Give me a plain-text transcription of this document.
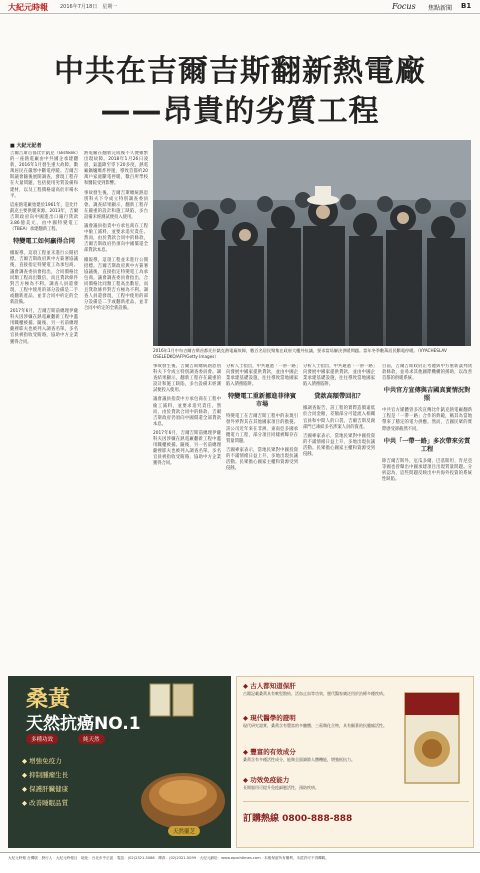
大紀元時報 2016年7月18日　星期一	Focus 焦點新聞 B1
中共在吉爾吉斯翻新熱電廠
——昂貴的劣質工程
■ 大紀元記者

吉爾吉斯首都比什凱克（Bishkek）的一座熱電廠由中共國企承建翻新，2016年1月發生重大故障，數萬居民在嚴寒中斷電停暖。吉爾吉斯議會隨後展開調查，發現工程存在大量問題，包括使用劣質設備和建材，以及工程價格遠高於市場水平。

這座熱電廠始建於1961年，是比什凱克主要供暖來源。2013年，吉爾吉斯政府向中國進出口銀行貸款3.86億美元，由中國特變電工（TBEA）承建翻新工程。

特變電工如何贏得合同

據報導，這項工程並未進行公開招標。吉爾吉斯政府與中方簽署協議後，直接指定特變電工為承包商。議會調查委員會指出，合同價格比同類工程高出數倍，而且貸款條件對吉方極為不利。調查人員還發現，工程中使用的部分設備是二手或翻新產品，並非合同中約定的全新設備。

2017年6月，吉爾吉斯前總理伊薩科夫因涉嫌在熱電廠翻新工程中濫用職權被捕。隨後，另一名前總理薩裡耶夫也被列入調查名單。多名官員被指收受賄賂，協助中方企業獲得合同。

熱電廠在翻新完成後不久便頻繁出現故障。2018年1月26日凌晨，氣溫降至零下20多度，熱電廠鍋爐爆炸停運，導致首都約20萬戶家庭斷電停暖，數百所學校和醫院受到影響。

事故發生後，吉爾吉斯總統熱恩別科夫下令成立特別調查委員會。調查結果顯示，翻新工程存在嚴重的設計和施工缺陷，多台設備未經測試便投入使用。

議會議員指責中方承包商在工程中偷工減料，並要求追究責任。然而，由於貸款合同中的條款，吉爾吉斯政府仍須向中國償還全部貸款本息。

據報導，這項工程並未進行公開招標。吉爾吉斯政府與中方簽署協議後，直接指定特變電工為承包商。議會調查委員會指出，合同價格比同類工程高出數倍，而且貸款條件對吉方極為不利。調查人員還發現，工程中使用的部分設備是二手或翻新產品，並非合同中約定的全新設備。

2016年1月中旬吉爾吉斯首都比什凱克熱電廠故障，數百名居民聚集在政府大樓外抗議，要求當局解決供暖問題。當年冬季數萬居民斷電停暖。（VYACHESLAV OSELEDKO/AFP/Getty Images）

事故發生後，吉爾吉斯總統熱恩別科夫下令成立特別調查委員會。調查結果顯示，翻新工程存在嚴重的設計和施工缺陷，多台設備未經測試便投入使用。

議會議員指責中方承包商在工程中偷工減料，並要求追究責任。然而，由於貸款合同中的條款，吉爾吉斯政府仍須向中國償還全部貸款本息。

2017年6月，吉爾吉斯前總理伊薩科夫因涉嫌在熱電廠翻新工程中濫用職權被捕。隨後，另一名前總理薩裡耶夫也被列入調查名單。多名官員被指收受賄賂，協助中方企業獲得合同。

分析人士指出，中共通過「一帶一路」向發展中國家提供貸款，並由中國企業承建基礎設施，往往導致當地國家陷入債務陷阱。

特變電工重新挪進菲律賓市場

特變電工在吉爾吉斯工程中的表現引發外界對其在其他國家項目的擔憂。該公司近年來在非洲、東南亞多國承攬電力工程，部分項目同樣被曝存在質量問題。

吉國專家表示，當地民眾對中國投資的不滿情緒日益上升，多地出現抗議活動。民眾擔心國家主權和資源受到侵蝕。

分析人士指出，中共通過「一帶一路」向發展中國家提供貸款，並由中國企業承建基礎設施，往往導致當地國家陷入債務陷阱。

貸款高額帶回扣？

據調查報告，該工程的實際造價遠低於合同金額，差額部分可能流入相關官員和中間人的口袋。吉爾吉斯反腐部門已凍結多名涉案人員的資產。

吉國專家表示，當地民眾對中國投資的不滿情緒日益上升，多地出現抗議活動。民眾擔心國家主權和資源受到侵蝕。

目前，吉爾吉斯政府正考慮與中方重新談判貸款條款，並尋求其他國際機構的援助，以改善首都的供暖系統。

中共官方宣傳與吉國真實情況對照

中共官方媒體曾多次宣傳比什凱克熱電廠翻新工程是「一帶一路」合作的典範，稱其為當地帶來了穩定的電力供應。然而，吉國民眾的實際感受卻截然不同。

中共「一帶一路」多次帶來劣質工程

除吉爾吉斯外，厄瓜多爾、巴基斯坦、肯尼亞等國也曾曝出中國承建項目出現質量問題。分析認為，這些問題反映出中共海外投資的系統性缺陷。

桑黃
天然抗癌NO.1
多種功效	純天然
◆ 增強免疫力
◆ 抑制腫瘤生長
◆ 保護肝臟健康
◆ 改善睡眠品質
天然靈芝
◆ 古人都知道保肝
古籍記載桑黃具有軟堅散結、活血止血等功效，歷代醫家廣泛用於治療多種疾病。
◆ 現代醫學的證明
現代研究證實，桑黃含有豐富的多醣體、三萜類化合物，具有顯著的抗腫瘤活性。
◆ 豐富的有效成分
桑黃含有多種活性成分，能夠全面調節人體機能，增強抵抗力。
◆ 功效免疫能力
長期服用可提升免疫細胞活性，預防疾病。
訂購熱線 0800-888-888
大紀元時報 台灣版　發行人：大紀元時報社　地址：台北市中正區　電話：(02)2321-5088　傳真：(02)2321-5099　大紀元網址：www.epochtimes.com　本報保留所有權利，未經許可不得轉載。
